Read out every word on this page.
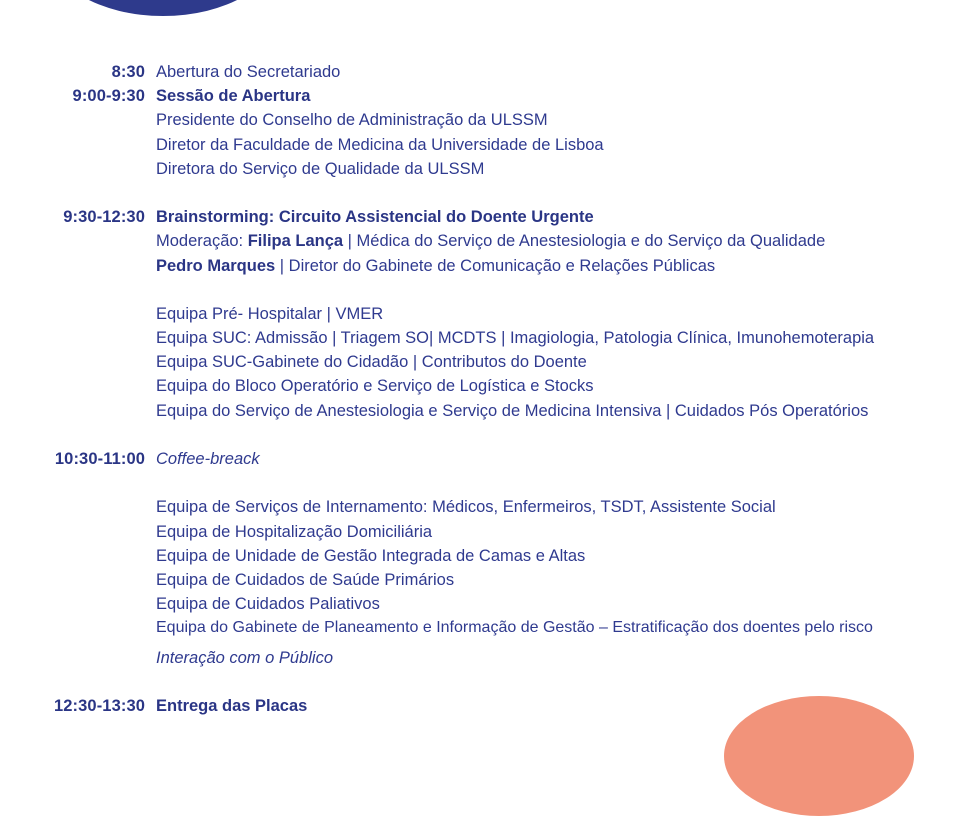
8:30 Abertura do Secretariado
9:00-9:30 Sessão de Abertura
Presidente do Conselho de Administração da ULSSM
Diretor da Faculdade de Medicina da Universidade de Lisboa
Diretora do Serviço de Qualidade da ULSSM
9:30-12:30 Brainstorming: Circuito Assistencial do Doente Urgente
Moderação: Filipa Lança | Médica do Serviço de Anestesiologia e do Serviço da Qualidade
Pedro Marques | Diretor do Gabinete de Comunicação e Relações Públicas
Equipa Pré- Hospitalar | VMER
Equipa SUC: Admissão | Triagem SO| MCDTS | Imagiologia, Patologia Clínica, Imunohemoterapia
Equipa SUC-Gabinete do Cidadão | Contributos do Doente
Equipa do Bloco Operatório e Serviço de Logística e Stocks
Equipa do Serviço de Anestesiologia e Serviço de Medicina Intensiva | Cuidados Pós Operatórios
10:30-11:00 Coffee-breack
Equipa de Serviços de Internamento: Médicos, Enfermeiros, TSDT, Assistente Social
Equipa de Hospitalização Domiciliária
Equipa de Unidade de Gestão Integrada de Camas e Altas
Equipa de Cuidados de Saúde Primários
Equipa de Cuidados Paliativos
Equipa do Gabinete de Planeamento e Informação de Gestão – Estratificação dos doentes pelo risco
Interação com o Público
12:30-13:30 Entrega das Placas
